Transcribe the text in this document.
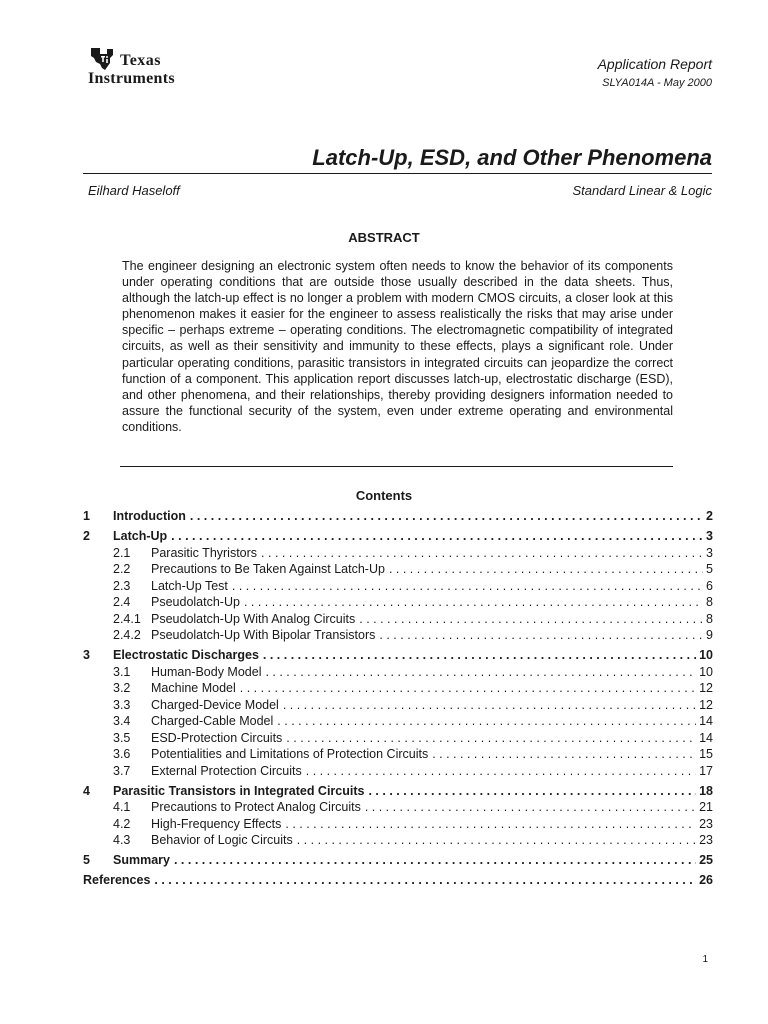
Texas
Instruments
Application Report
SLYA014A - May 2000
Latch-Up, ESD, and Other Phenomena
Eilhard Haseloff	Standard Linear & Logic
ABSTRACT
The engineer designing an electronic system often needs to know the behavior of its components under operating conditions that are outside those usually described in the data sheets. Thus, although the latch-up effect is no longer a problem with modern CMOS circuits, a closer look at this phenomenon makes it easier for the engineer to assess realistically the risks that may arise under specific – perhaps extreme – operating conditions. The electromagnetic compatibility of integrated circuits, as well as their sensitivity and immunity to these effects, plays a significant role. Under particular operating conditions, parasitic transistors in integrated circuits can jeopardize the correct function of a component. This application report discusses latch-up, electrostatic discharge (ESD), and other phenomena, and their relationships, thereby providing designers information needed to assure the functional security of the system, even under extreme operating and environmental conditions.
Contents
1	Introduction . . .	2
2	Latch-Up . . .	3
2.1	Parasitic Thyristors . . .	3
2.2	Precautions to Be Taken Against Latch-Up . . .	5
2.3	Latch-Up Test . . .	6
2.4	Pseudolatch-Up . . .	8
2.4.1 Pseudolatch-Up With Analog Circuits . . .	8
2.4.2 Pseudolatch-Up With Bipolar Transistors . . .	9
3	Electrostatic Discharges . . .	10
3.1	Human-Body Model . . .	10
3.2	Machine Model . . .	12
3.3	Charged-Device Model . . .	12
3.4	Charged-Cable Model . . .	14
3.5	ESD-Protection Circuits . . .	14
3.6	Potentialities and Limitations of Protection Circuits . . .	15
3.7	External Protection Circuits . . .	17
4	Parasitic Transistors in Integrated Circuits . . .	18
4.1	Precautions to Protect Analog Circuits . . .	21
4.2	High-Frequency Effects . . .	23
4.3	Behavior of Logic Circuits . . .	23
5	Summary . . .	25
References . . .	26
1
